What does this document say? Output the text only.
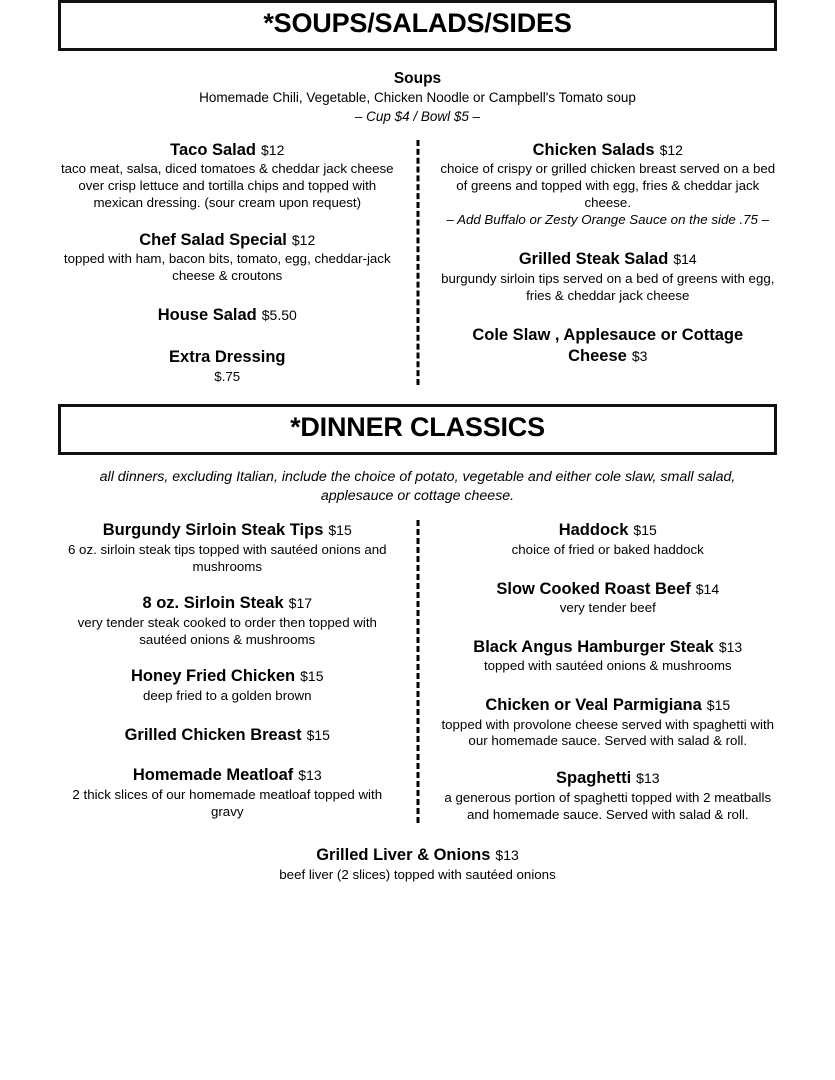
*SOUPS/SALADS/SIDES
Soups
Homemade Chili, Vegetable, Chicken Noodle or Campbell's Tomato soup
– Cup $4 / Bowl $5 –
Taco Salad $12
taco meat, salsa, diced tomatoes & cheddar jack cheese over crisp lettuce and tortilla chips and topped with mexican dressing. (sour cream upon request)
Chef Salad Special $12
topped with ham, bacon bits, tomato, egg, cheddar-jack cheese & croutons
House Salad $5.50
Extra Dressing
$.75
Chicken Salads $12
choice of crispy or grilled chicken breast served on a bed of greens and topped with egg, fries & cheddar jack cheese.
– Add Buffalo or Zesty Orange Sauce on the side .75 –
Grilled Steak Salad $14
burgundy sirloin tips served on a bed of greens with egg, fries & cheddar jack cheese
Cole Slaw , Applesauce or Cottage Cheese $3
*DINNER CLASSICS
all dinners, excluding Italian, include the choice of potato, vegetable and either cole slaw, small salad, applesauce or cottage cheese.
Burgundy Sirloin Steak Tips $15
6 oz. sirloin steak tips topped with sautéed onions and mushrooms
8 oz. Sirloin Steak $17
very tender steak cooked to order then topped with sautéed onions & mushrooms
Honey Fried Chicken $15
deep fried to a golden brown
Grilled Chicken Breast $15
Homemade Meatloaf $13
2 thick slices of our homemade meatloaf topped with gravy
Haddock $15
choice of fried or baked haddock
Slow Cooked Roast Beef $14
very tender beef
Black Angus Hamburger Steak $13
topped with sautéed onions & mushrooms
Chicken or Veal Parmigiana $15
topped with provolone cheese served with spaghetti with our homemade sauce. Served with salad & roll.
Spaghetti $13
a generous portion of spaghetti topped with 2 meatballs and homemade sauce. Served with salad & roll.
Grilled Liver & Onions $13
beef liver (2 slices) topped with sautéed onions
